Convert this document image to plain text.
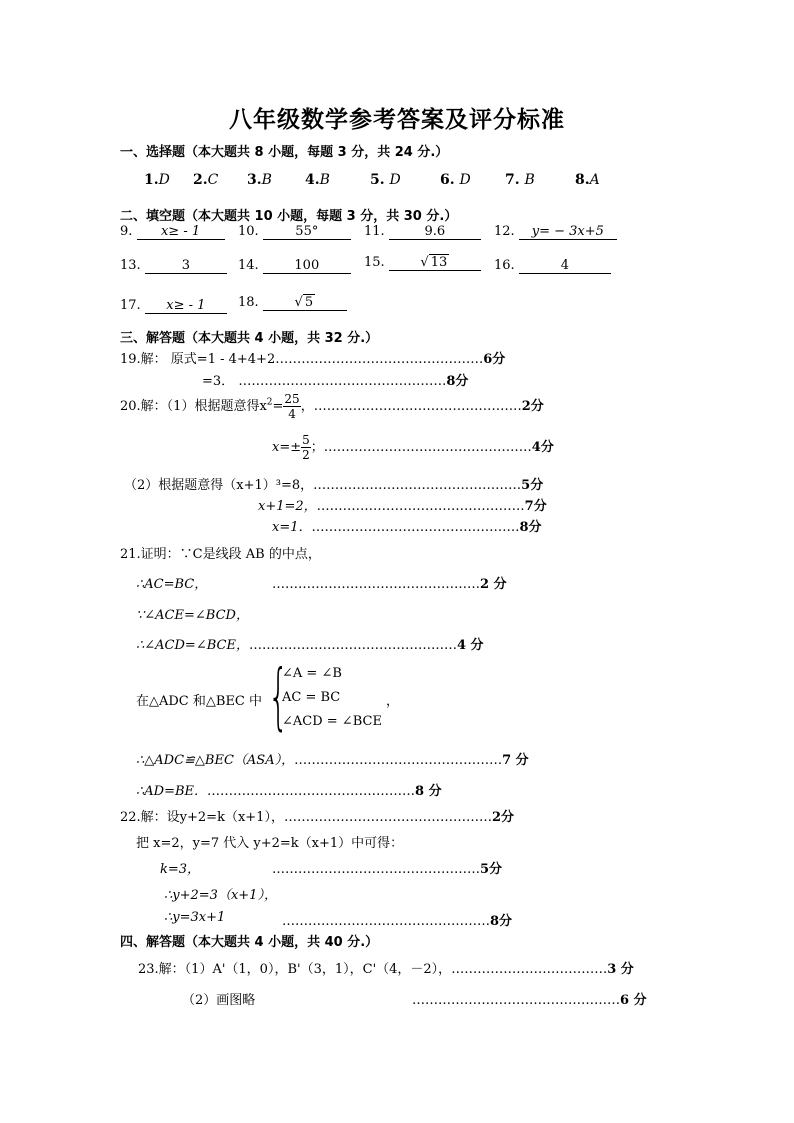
八年级数学参考答案及评分标准
一、选择题（本大题共 8 小题，每题 3 分，共 24 分.）
1.D 2.C 3.B 4.B	5. D	6. D 7. B	8.A
二、填空题（本大题共 10 小题，每题 3 分，共 30 分.）
9. x≥ - 1	10.	55°	11.	9.6	12. y= − 3x+5
13.	3	14.	100	15.	√ 13	16.	4
17. x≥ - 1	18.	√ 5
三、解答题（本大题共 4 小题，共 32 分.）
19.解： 原式=1 - 4+4+2…………………………………………6分
=3． …………………………………………8分
20.解：（1）根据题意得$x^2= \frac{25}{4}$ ，…………………………………………2分
$x=\pm \frac{5}{2}$ ；…………………………………………4分
（2）根据题意得（x+1）³=8，…………………………………………5分
x+1=2，…………………………………………7分
x=1．…………………………………………8分
21.证明：∵C是线段 AB 的中点，
∴AC=BC，	…………………………………………2 分
∵∠ACE=∠BCD，
∴∠ACD=∠BCE，…………………………………………4 分
在△ADC 和△BEC 中 {
∠A = ∠B
AC = BC
∠ACD = ∠BCE
，
∴△ADC≌△BEC（ASA），…………………………………………7 分
∴AD=BE．…………………………………………8 分
22.解：设y+2=k（x+1），…………………………………………2分
把 x=2，y=7 代入 y+2=k（x+1）中可得：
k=3，	…………………………………………5分
∴y+2=3（x+1），
∴y=3x+1	…………………………………………8分
四、解答题（本大题共 4 小题，共 40 分.）
23.解：（1）A'（1，0），B'（3，1），C'（4，－2），………………………………3 分
（2）画图略	…………………………………………6 分
